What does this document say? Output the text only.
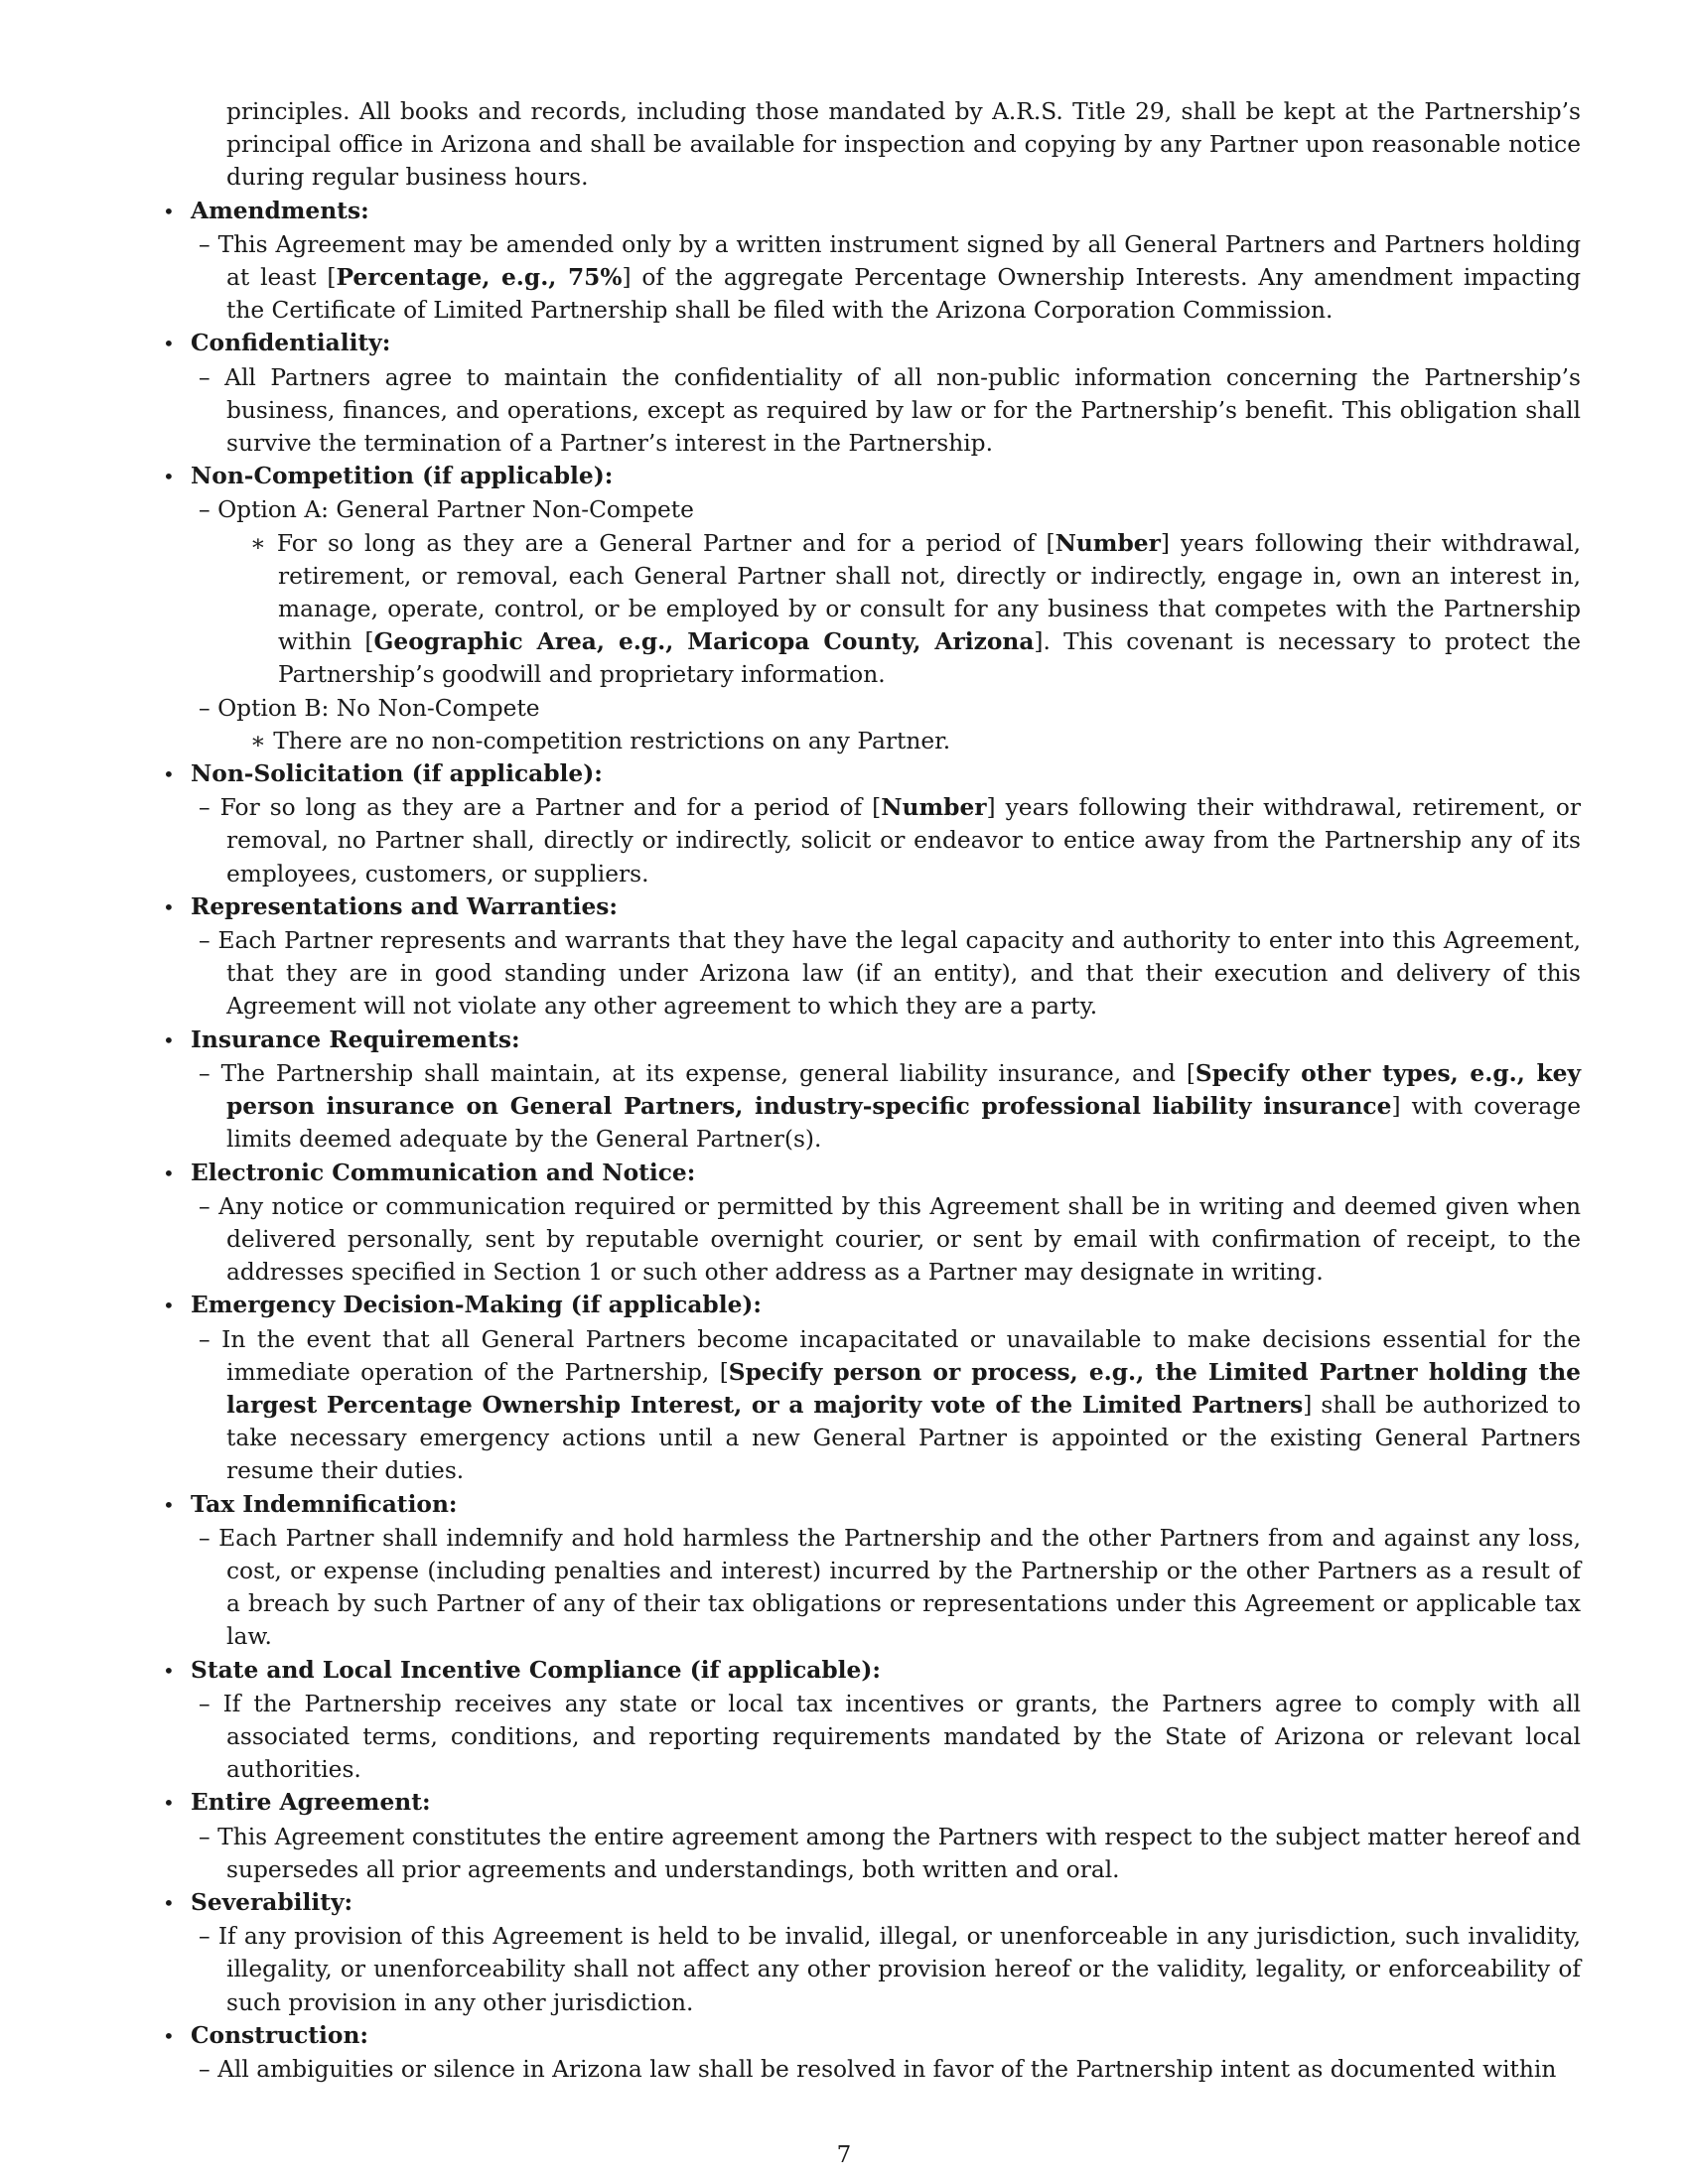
principles. All books and records, including those mandated by A.R.S. Title 29, shall be kept at the Partnership’s principal office in Arizona and shall be available for inspection and copying by any Partner upon reasonable notice during regular business hours.

• Amendments:

– This Agreement may be amended only by a written instrument signed by all General Partners and Partners holding at least [Percentage, e.g., 75%] of the aggregate Percentage Ownership Interests. Any amendment impacting the Certificate of Limited Partnership shall be filed with the Arizona Corporation Commission.

• Confidentiality:

– All Partners agree to maintain the confidentiality of all non-public information concerning the Partnership’s business, finances, and operations, except as required by law or for the Partnership’s benefit. This obligation shall survive the termination of a Partner’s interest in the Partnership.

• Non-Competition (if applicable):

– Option A: General Partner Non-Compete

∗ For so long as they are a General Partner and for a period of [Number] years following their withdrawal, retirement, or removal, each General Partner shall not, directly or indirectly, engage in, own an interest in, manage, operate, control, or be employed by or consult for any business that competes with the Partnership within [Geographic Area, e.g., Maricopa County, Arizona]. This covenant is necessary to protect the Partnership’s goodwill and proprietary information.

– Option B: No Non-Compete

∗ There are no non-competition restrictions on any Partner.

• Non-Solicitation (if applicable):

– For so long as they are a Partner and for a period of [Number] years following their withdrawal, retirement, or removal, no Partner shall, directly or indirectly, solicit or endeavor to entice away from the Partnership any of its employees, customers, or suppliers.

• Representations and Warranties:

– Each Partner represents and warrants that they have the legal capacity and authority to enter into this Agreement, that they are in good standing under Arizona law (if an entity), and that their execution and delivery of this Agreement will not violate any other agreement to which they are a party.

• Insurance Requirements:

– The Partnership shall maintain, at its expense, general liability insurance, and [Specify other types, e.g., key person insurance on General Partners, industry-specific professional liability insurance] with coverage limits deemed adequate by the General Partner(s).

• Electronic Communication and Notice:

– Any notice or communication required or permitted by this Agreement shall be in writing and deemed given when delivered personally, sent by reputable overnight courier, or sent by email with confirmation of receipt, to the addresses specified in Section 1 or such other address as a Partner may designate in writing.

• Emergency Decision-Making (if applicable):

– In the event that all General Partners become incapacitated or unavailable to make decisions essential for the immediate operation of the Partnership, [Specify person or process, e.g., the Limited Partner holding the largest Percentage Ownership Interest, or a majority vote of the Limited Partners] shall be authorized to take necessary emergency actions until a new General Partner is appointed or the existing General Partners resume their duties.

• Tax Indemnification:

– Each Partner shall indemnify and hold harmless the Partnership and the other Partners from and against any loss, cost, or expense (including penalties and interest) incurred by the Partnership or the other Partners as a result of a breach by such Partner of any of their tax obligations or representations under this Agreement or applicable tax law.

• State and Local Incentive Compliance (if applicable):

– If the Partnership receives any state or local tax incentives or grants, the Partners agree to comply with all associated terms, conditions, and reporting requirements mandated by the State of Arizona or relevant local authorities.

• Entire Agreement:

– This Agreement constitutes the entire agreement among the Partners with respect to the subject matter hereof and supersedes all prior agreements and understandings, both written and oral.

• Severability:

– If any provision of this Agreement is held to be invalid, illegal, or unenforceable in any jurisdiction, such invalidity, illegality, or unenforceability shall not affect any other provision hereof or the validity, legality, or enforceability of such provision in any other jurisdiction.

• Construction:

– All ambiguities or silence in Arizona law shall be resolved in favor of the Partnership intent as documented within

7
